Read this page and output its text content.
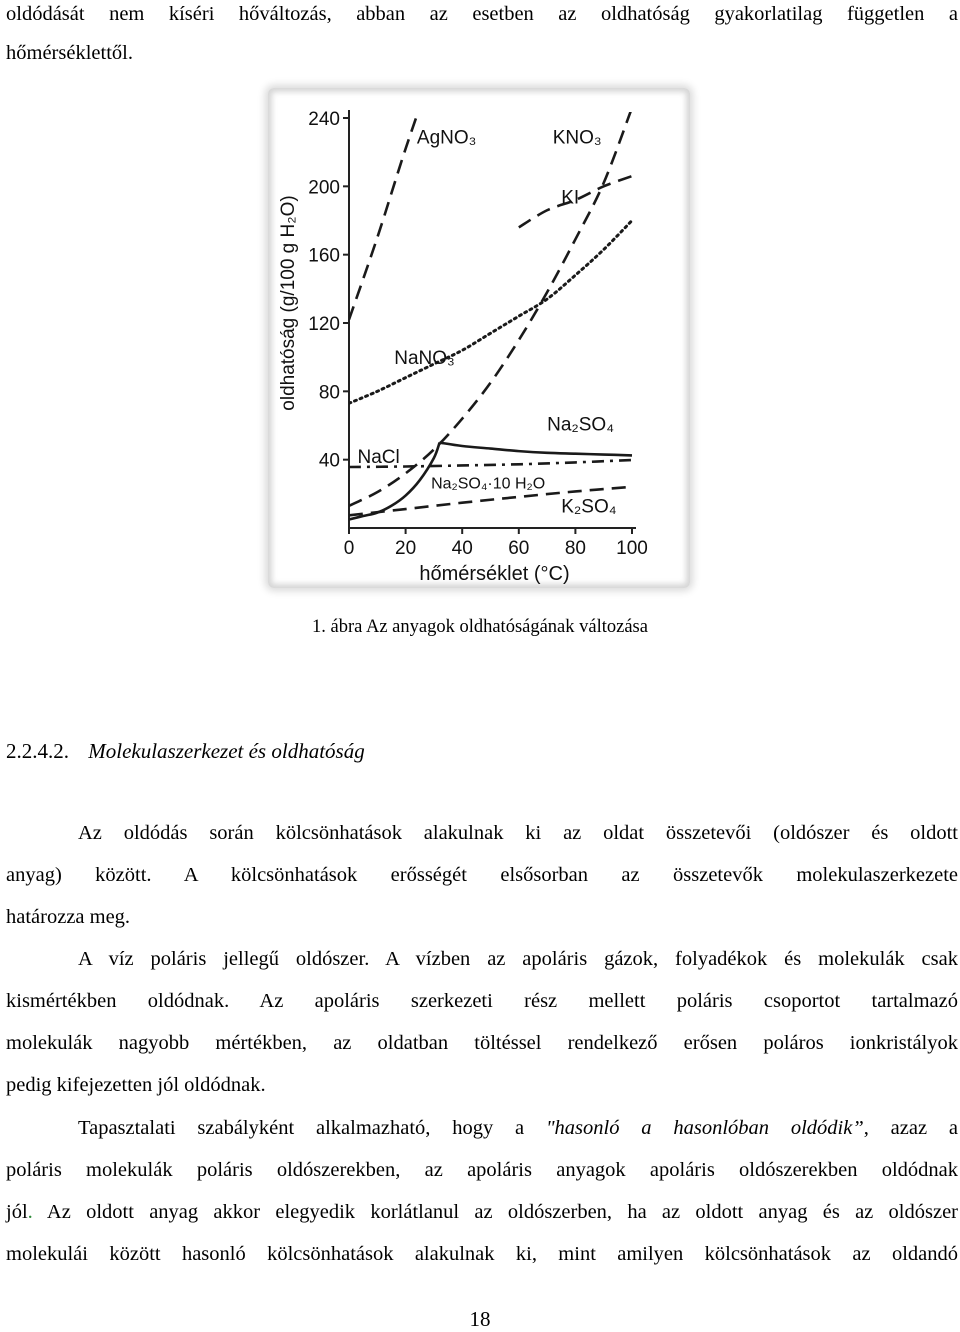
oldódását nem kíséri hőváltozás, abban az esetben az oldhatóság gyakorlatilag független a
hőmérséklettől.
40
80
120
160
200
240
0 20 40 60 80 100
hőmérséklet (°C)
oldhatóság (g/100 g H₂O)
AgNO₃	KNO₃
KI
NaNO₃
Na₂SO₄
Na₂SO₄·10 H₂O
NaCl
K₂SO₄
1. ábra Az anyagok oldhatóságának változása
2.2.4.2. Molekulaszerkezet és oldhatóság
Az oldódás során kölcsönhatások alakulnak ki az oldat összetevői (oldószer és oldott
anyag) között. A kölcsönhatások erősségét elsősorban az összetevők molekulaszerkezete
határozza meg.
A víz poláris jellegű oldószer. A vízben az apoláris gázok, folyadékok és molekulák csak
kismértékben oldódnak. Az apoláris szerkezeti rész mellett poláris csoportot tartalmazó
molekulák nagyobb mértékben, az oldatban töltéssel rendelkező erősen poláros ionkristályok
pedig kifejezetten jól oldódnak.
Tapasztalati szabályként alkalmazható, hogy a "hasonló a hasonlóban oldódik”, azaz a
poláris molekulák poláris oldószerekben, az apoláris anyagok apoláris oldószerekben oldódnak
jól. Az oldott anyag akkor elegyedik korlátlanul az oldószerben, ha az oldott anyag és az oldószer
molekulái között hasonló kölcsönhatások alakulnak ki, mint amilyen kölcsönhatások az oldandó
18
